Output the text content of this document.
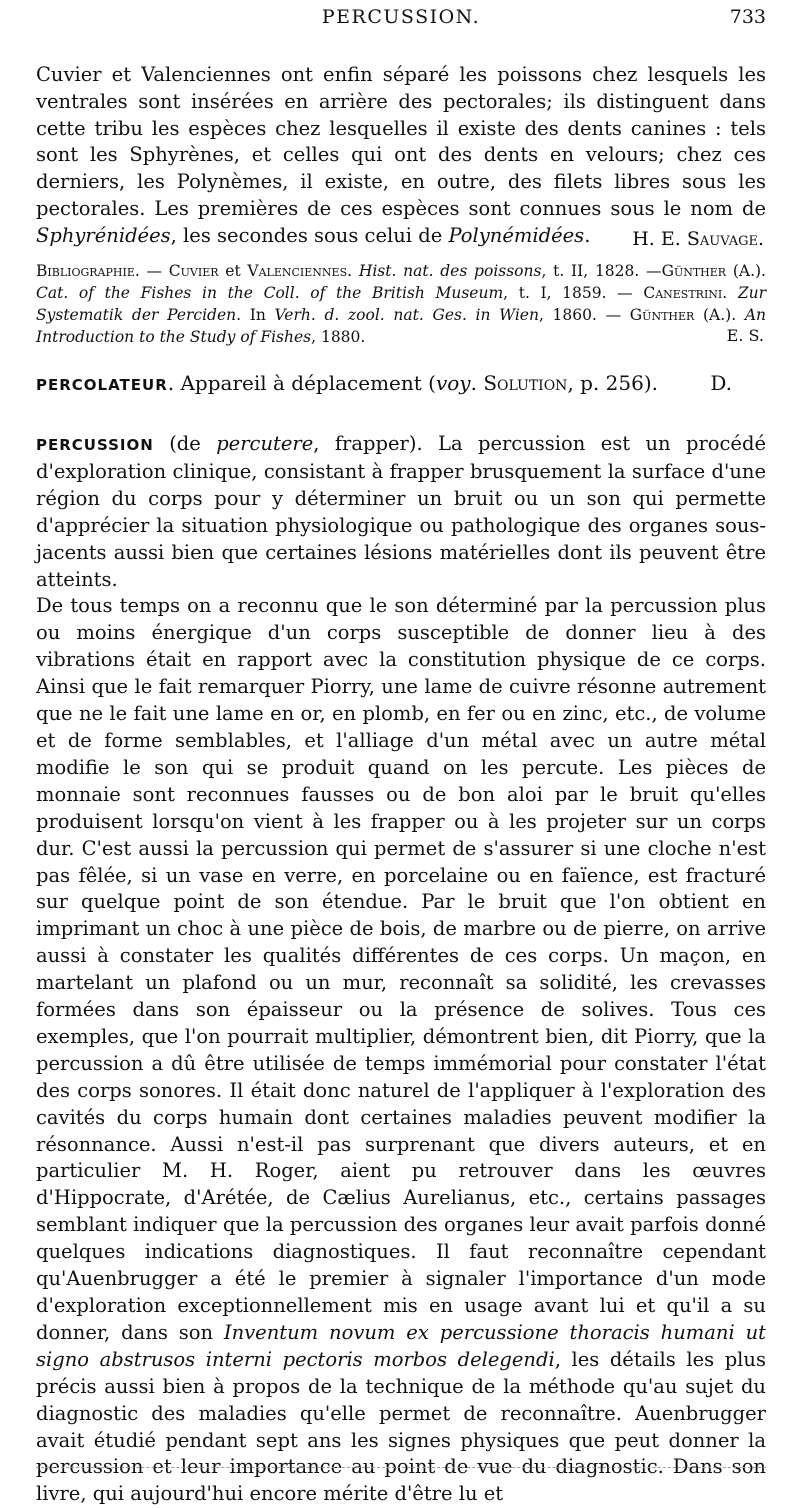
PERCUSSION.	733

Cuvier et Valenciennes ont enfin séparé les poissons chez lesquels les ventrales sont insérées en arrière des pectorales; ils distinguent dans cette tribu les espèces chez lesquelles il existe des dents canines : tels sont les Sphyrènes, et celles qui ont des dents en velours; chez ces derniers, les Polynèmes, il existe, en outre, des filets libres sous les pectorales. Les premières de ces espèces sont connues sous le nom de Sphyrénidées, les secondes sous celui de Polynémidées.	H. E. Sauvage.
Bibliographie. — Cuvier et Valenciennes. Hist. nat. des poissons, t. II, 1828. —Günther (A.). Cat. of the Fishes in the Coll. of the British Museum, t. I, 1859. — Canestrini. Zur Systematik der Perciden. In Verh. d. zool. nat. Ges. in Wien, 1860. — Günther (A.). An Introduction to the Study of Fishes, 1880.	E. S.
PERCOLATEUR. Appareil à déplacement (voy. Solution, p. 256).	D.

PERCUSSION (de percutere, frapper). La percussion est un procédé d'exploration clinique, consistant à frapper brusquement la surface d'une région du corps pour y déterminer un bruit ou un son qui permette d'apprécier la situation physiologique ou pathologique des organes sous-jacents aussi bien que certaines lésions matérielles dont ils peuvent être atteints.

De tous temps on a reconnu que le son déterminé par la percussion plus ou moins énergique d'un corps susceptible de donner lieu à des vibrations était en rapport avec la constitution physique de ce corps. Ainsi que le fait remarquer Piorry, une lame de cuivre résonne autrement que ne le fait une lame en or, en plomb, en fer ou en zinc, etc., de volume et de forme semblables, et l'alliage d'un métal avec un autre métal modifie le son qui se produit quand on les percute. Les pièces de monnaie sont reconnues fausses ou de bon aloi par le bruit qu'elles produisent lorsqu'on vient à les frapper ou à les projeter sur un corps dur. C'est aussi la percussion qui permet de s'assurer si une cloche n'est pas fêlée, si un vase en verre, en porcelaine ou en faïence, est fracturé sur quelque point de son étendue. Par le bruit que l'on obtient en imprimant un choc à une pièce de bois, de marbre ou de pierre, on arrive aussi à constater les qualités différentes de ces corps. Un maçon, en martelant un plafond ou un mur, reconnaît sa solidité, les crevasses formées dans son épaisseur ou la présence de solives. Tous ces exemples, que l'on pourrait multiplier, démontrent bien, dit Piorry, que la percussion a dû être utilisée de temps immémorial pour constater l'état des corps sonores. Il était donc naturel de l'appliquer à l'exploration des cavités du corps humain dont certaines maladies peuvent modifier la résonnance. Aussi n'est-il pas surprenant que divers auteurs, et en particulier M. H. Roger, aient pu retrouver dans les œuvres d'Hippocrate, d'Arétée, de Cælius Aurelianus, etc., certains passages semblant indiquer que la percussion des organes leur avait parfois donné quelques indications diagnostiques. Il faut reconnaître cependant qu'Auenbrugger a été le premier à signaler l'importance d'un mode d'exploration exceptionnellement mis en usage avant lui et qu'il a su donner, dans son Inventum novum ex percussione thoracis humani ut signo abstrusos interni pectoris morbos delegendi, les détails les plus précis aussi bien à propos de la technique de la méthode qu'au sujet du diagnostic des maladies qu'elle permet de reconnaître. Auenbrugger avait étudié pendant sept ans les signes physiques que peut donner la percussion et leur importance au point de vue du diagnostic. Dans son livre, qui aujourd'hui encore mérite d'être lu et
